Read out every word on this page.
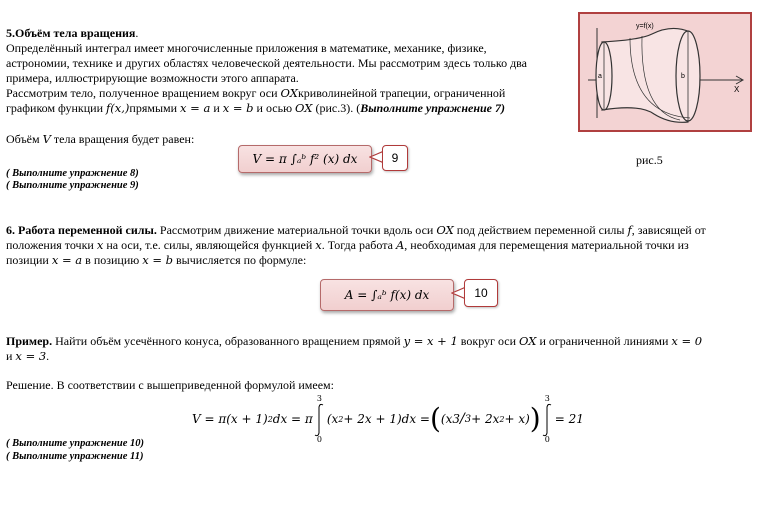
5.Объём тела вращения.
Определённый интеграл имеет многочисленные приложения в математике, механике, физике,
астрономии, технике и других областях человеческой деятельности. Мы рассмотрим здесь только два
примера, иллюстрирующие возможности этого аппарата.
Рассмотрим тело, полученное вращением вокруг оси OXкриволинейной трапеции, ограниченной
графиком функции f(x,)прямыми x = a и x = b и осью OX (рис.3). (Выполните упражнение 7)
Объём V тела вращения будет равен:
V = π ∫ₐᵇ f² (x) dx	9
( Выполните упражнение 8)
( Выполните упражнение 9)
y=f(x)
a	b
X
рис.5
6. Работа переменной силы. Рассмотрим движение материальной точки вдоль оси OX под действием переменной силы f, зависящей от
положения точки x на оси, т.е. силы, являющейся функцией x. Тогда работа A, необходимая для перемещения материальной точки из
позиции x = a в позицию x = b вычисляется по формуле:
A = ∫ₐᵇ f(x) dx	10
Пример. Найти объём усечённого конуса, образованного вращением прямой y = x + 1 вокруг оси OX и ограниченной линиями x = 0
и x = 3.
Решение. В соответствии с вышеприведенной формулой имеем:
V = π(x + 1) 2 dx = π
3
0
(x 2 + 2x + 1)dx = ( (x 3 / 3 + 2x 2 + x) )
3
0
= 21
( Выполните упражнение 10)
( Выполните упражнение 11)
